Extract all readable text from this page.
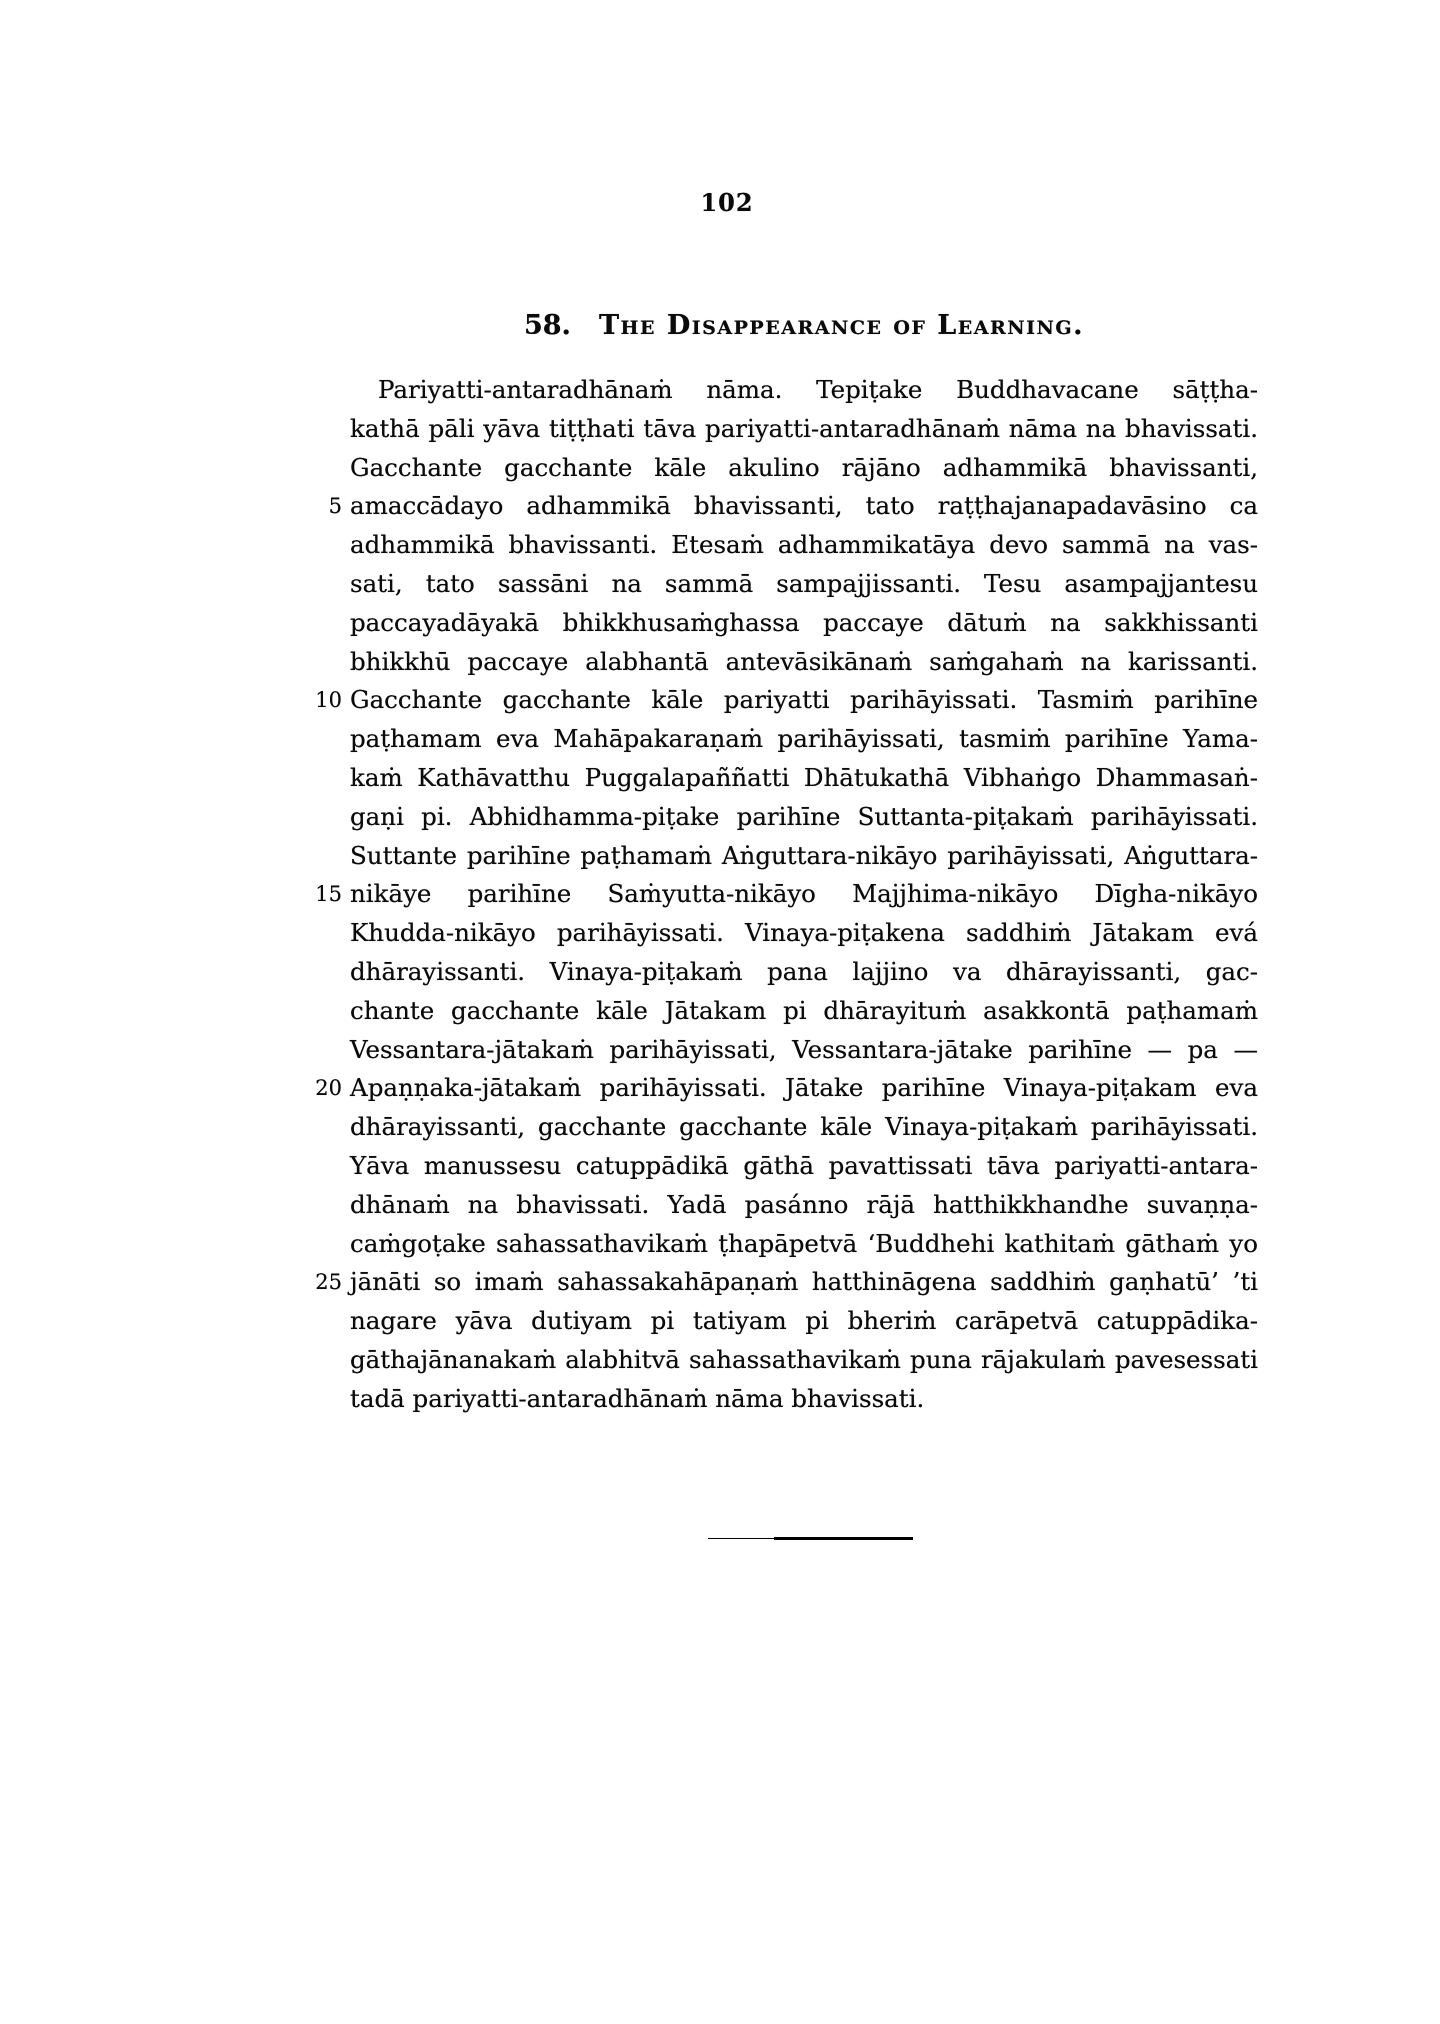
102
58. The Disappearance of Learning.
Pariyatti-antaradhānaṁ nāma. Tepiṭake Buddhavacane sāṭṭha-
kathā pāli yāva tiṭṭhati tāva pariyatti-antaradhānaṁ nāma na bhavissati.
Gacchante gacchante kāle akulino rājāno adhammikā bhavissanti,
5 amaccādayo adhammikā bhavissanti, tato raṭṭhajanapadavāsino ca
adhammikā bhavissanti. Etesaṁ adhammikatāya devo sammā na vas-
sati, tato sassāni na sammā sampajjissanti. Tesu asampajjantesu
paccayadāyakā bhikkhusaṁghassa paccaye dātuṁ na sakkhissanti
bhikkhū paccaye alabhantā antevāsikānaṁ saṁgahaṁ na karissanti.
10 Gacchante gacchante kāle pariyatti parihāyissati. Tasmiṁ parihīne
paṭhamam eva Mahāpakaraṇaṁ parihāyissati, tasmiṁ parihīne Yama-
kaṁ Kathāvatthu Puggalapaññatti Dhātukathā Vibhaṅgo Dhammasaṅ-
gaṇi pi. Abhidhamma-piṭake parihīne Suttanta-piṭakaṁ parihāyissati.
Suttante parihīne paṭhamaṁ Aṅguttara-nikāyo parihāyissati, Aṅguttara-
15 nikāye parihīne Saṁyutta-nikāyo Majjhima-nikāyo Dīgha-nikāyo
Khudda-nikāyo parihāyissati. Vinaya-piṭakena saddhiṁ Jātakam evá
dhārayissanti. Vinaya-piṭakaṁ pana lajjino va dhārayissanti, gac-
chante gacchante kāle Jātakam pi dhārayituṁ asakkontā paṭhamaṁ
Vessantara-jātakaṁ parihāyissati, Vessantara-jātake parihīne — pa —
20 Apaṇṇaka-jātakaṁ parihāyissati. Jātake parihīne Vinaya-piṭakam eva
dhārayissanti, gacchante gacchante kāle Vinaya-piṭakaṁ parihāyissati.
Yāva manussesu catuppādikā gāthā pavattissati tāva pariyatti-antara-
dhānaṁ na bhavissati. Yadā pasánno rājā hatthikkhandhe suvaṇṇa-
caṁgoṭake sahassathavikaṁ ṭhapāpetvā ‘Buddhehi kathitaṁ gāthaṁ yo
25 jānāti so imaṁ sahassakahāpaṇaṁ hatthināgena saddhiṁ gaṇhatū’ ’ti
nagare yāva dutiyam pi tatiyam pi bheriṁ carāpetvā catuppādika-
gāthajānanakaṁ alabhitvā sahassathavikaṁ puna rājakulaṁ pavesessati
tadā pariyatti-antaradhānaṁ nāma bhavissati.
